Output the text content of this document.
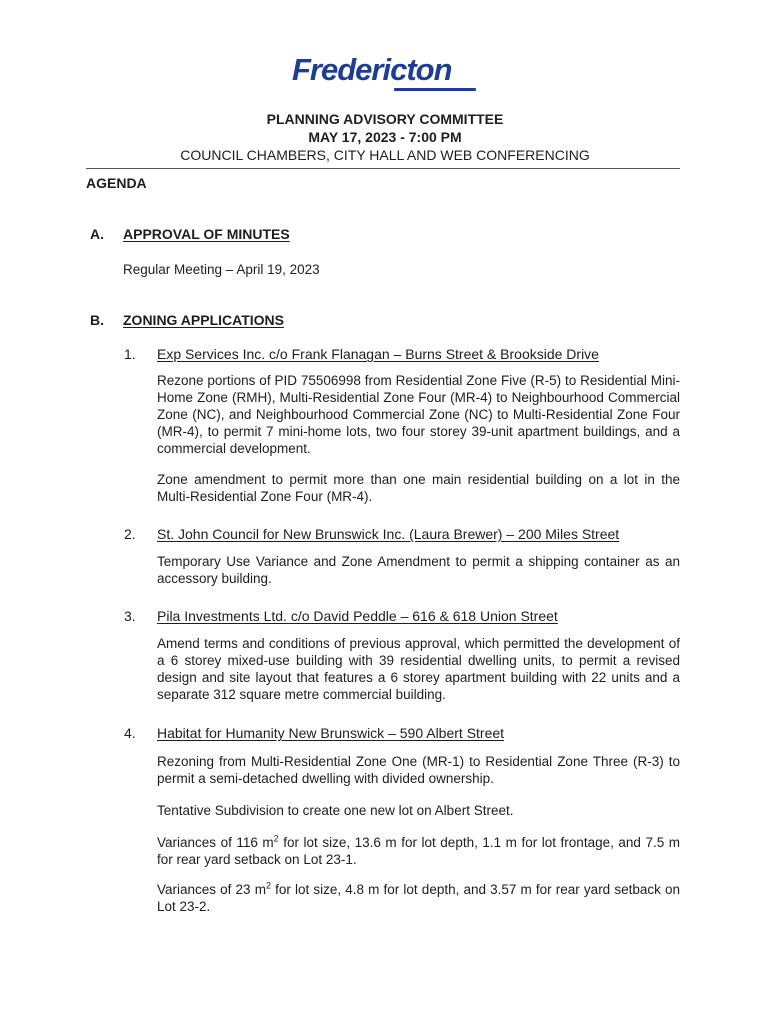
Fredericton
PLANNING ADVISORY COMMITTEE
MAY 17, 2023 - 7:00 PM
COUNCIL CHAMBERS, CITY HALL AND WEB CONFERENCING
AGENDA
A. APPROVAL OF MINUTES

Regular Meeting – April 19, 2023

B. ZONING APPLICATIONS
1. Exp Services Inc. c/o Frank Flanagan – Burns Street & Brookside Drive

Rezone portions of PID 75506998 from Residential Zone Five (R-5) to Residential Mini-Home Zone (RMH), Multi-Residential Zone Four (MR-4) to Neighbourhood Commercial Zone (NC), and Neighbourhood Commercial Zone (NC) to Multi-Residential Zone Four (MR-4), to permit 7 mini-home lots, two four storey 39-unit apartment buildings, and a commercial development.

Zone amendment to permit more than one main residential building on a lot in the Multi-Residential Zone Four (MR-4).

2. St. John Council for New Brunswick Inc. (Laura Brewer) – 200 Miles Street

Temporary Use Variance and Zone Amendment to permit a shipping container as an accessory building.

3. Pila Investments Ltd. c/o David Peddle – 616 & 618 Union Street

Amend terms and conditions of previous approval, which permitted the development of a 6 storey mixed-use building with 39 residential dwelling units, to permit a revised design and site layout that features a 6 storey apartment building with 22 units and a separate 312 square metre commercial building.

4. Habitat for Humanity New Brunswick – 590 Albert Street

Rezoning from Multi-Residential Zone One (MR-1) to Residential Zone Three (R-3) to permit a semi-detached dwelling with divided ownership.

Tentative Subdivision to create one new lot on Albert Street.

Variances of 116 $m^2$ for lot size, 13.6 m for lot depth, 1.1 m for lot frontage, and 7.5 m for rear yard setback on Lot 23-1.

Variances of 23 $m^2$ for lot size, 4.8 m for lot depth, and 3.57 m for rear yard setback on Lot 23-2.
